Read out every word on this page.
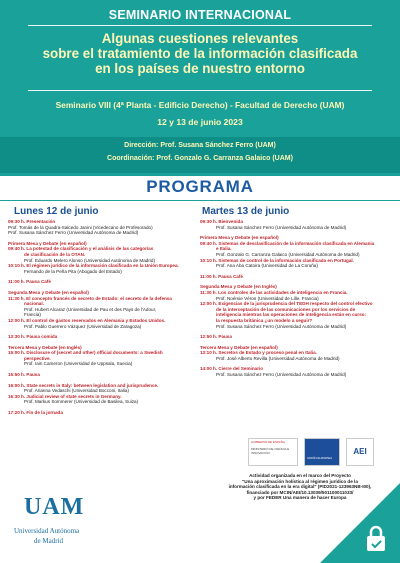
SEMINARIO INTERNACIONAL
Algunas cuestiones relevantes
sobre el tratamiento de la información clasificada
en los países de nuestro entorno
Seminario VIII (4ª Planta - Edificio Derecho) - Facultad de Derecho (UAM)
12 y 13 de junio 2023
Dirección: Prof. Susana Sánchez Ferro (UAM)
Coordinación: Prof. Gonzalo G. Carranza Galaico (UAM)
PROGRAMA
Lunes 12 de junio	Martes 13 de junio
09:30 h. Presentación
Prof. Tomás de la Quadra-Salcedo Janini (Vicedecano de Profesorado)
Prof. Susana Sánchez Ferro (Universidad Autónoma de Madrid)
Primera Mesa y Debate (en español)
09:40 h. La potestad de clasificación y el análisis de las categorías
de clasificación de la OTAN.
Prof. Eduardo Melero Alonso (Universidad Autónoma de Madrid)
10:10 h. El régimen jurídico de la información clasificada en la Unión Europea.
Fernando de la Peña Pita (Abogado del Estado)
11:00 h. Pausa Café
Segunda Mesa y Debate (en español)
11:30 h. El concepto francés de secreto de Estado: el secreto de la defensa
nacional.
Prof. Hubert Alcaraz (Universidad de Pau et des Pays de l'Adour,
Francia)
12:00 h. El control de gastos reservados en Alemania y Estados Unidos.
Prof. Pablo Guerrero Vázquez (Universidad de Zaragoza)
13:30 h. Pausa comida
Tercera Mesa y Debate (en Inglés)
15:00 h. Disclosure of (secret and other) official documents: a Swedish
perspective.
Prof. Iain Cameron (Universidad de Uppsala, Suecia)
15:50 h. Pausa
16:00 h. State secrets in Italy: between legislation and jurisprudence.
Prof. Arianna Vedaschi (Universidad Bocconi, Italia)
16:30 h. Judicial review of state secrets in Germany.
Prof. Markus Sommerer (Universidad de Basilea, Suiza)
17:20 h. Fin de la jornada
09:30 h. Bienvenida
Prof. Susana Sánchez Ferro (Universidad Autónoma de Madrid)
Primera Mesa y Debate (en español)
09:40 h. Sistemas de desclasificación de la información clasificada en Alemania
e Italia.
Prof. Gonzalo G. Carranza Galaico (Universidad Autónoma de Madrid)
10:10 h. Sistemas de control de la información clasificada en Portugal.
Prof. Ana Aba Catoira (Universidad de La Coruña)
11:00 h. Pausa Café
Segunda Mesa y Debate (en Inglés)
11:30 h. Los controles de las actividades de inteligencia en Francia.
Prof. Noémie Véron (Universidad de Lille, Francia)
12:00 h. Exigencias de la jurisprudencia del TEDH respecto del control efectivo
de la interceptación de las comunicaciones por los servicios de
inteligencia mientras las operaciones de inteligencia están en curso:
la respuesta británica ¿un modelo a seguir?
Prof. Susana Sánchez Ferro (Universidad Autónoma de Madrid)
12:50 h. Pausa
Tercera Mesa y Debate (en español)
13:10 h. Secretos de Estado y proceso penal en Italia.
Prof. José Alberto Revilla (Universidad Autónoma de Madrid)
14:00 h. Cierre del Seminario
Prof. Susana Sánchez Ferro (Universidad Autónoma de Madrid)
GOBIERNO DE ESPAÑA
MINISTERIO DE CIENCIA E INNOVACIÓN
UNIÓN EUROPEA
AEI
Actividad organizada en el marco del Proyecto
"Una aproximación holística al régimen jurídico de la
información clasificada en la era digital" (PID2021-123963NB-I00),
financiado por MCIN/AEI/10.13039/501100011033/
y por FEDER Una manera de hacer Europa
UAM
Universidad Autónoma
de Madrid
